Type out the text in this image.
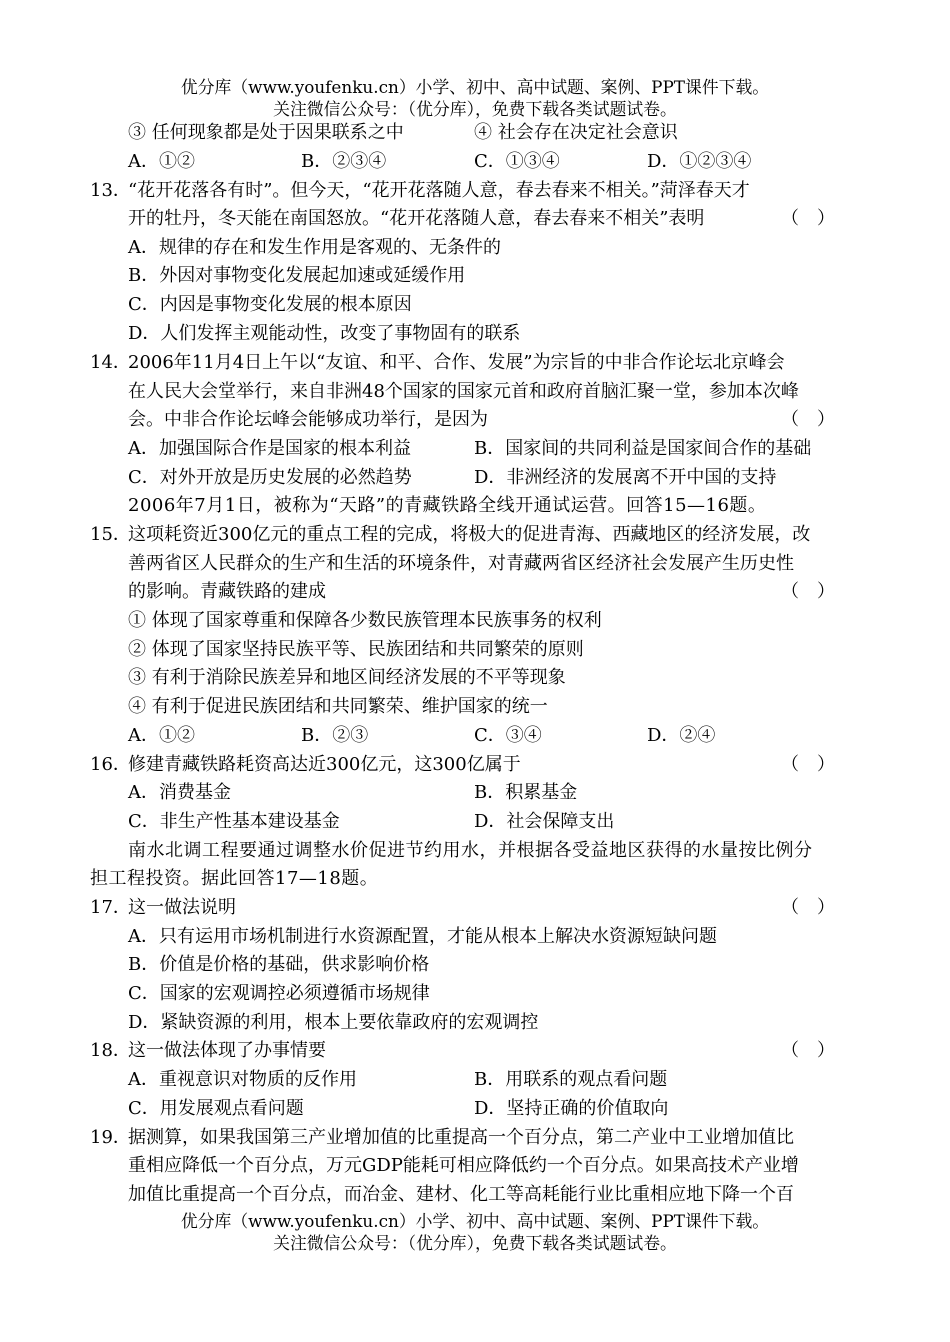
优分库（www.youfenku.cn）小学、初中、高中试题、案例、PPT课件下载。
关注微信公众号：（优分库），免费下载各类试题试卷。
③ 任何现象都是处于因果联系之中	④ 社会存在决定社会意识
A．①②	B．②③④	C．①③④	D．①②③④
13．
“花开花落各有时”。但今天，“花开花落随人意，春去春来不相关。”菏泽春天才
开的牡丹，冬天能在南国怒放。“花开花落随人意，春去春来不相关”表明	（　）
A．规律的存在和发生作用是客观的、无条件的
B．外因对事物变化发展起加速或延缓作用
C．内因是事物变化发展的根本原因
D．人们发挥主观能动性，改变了事物固有的联系
14．
2006年11月4日上午以“友谊、和平、合作、发展”为宗旨的中非合作论坛北京峰会
在人民大会堂举行，来自非洲48个国家的国家元首和政府首脑汇聚一堂，参加本次峰
会。中非合作论坛峰会能够成功举行，是因为	（　）
A．加强国际合作是国家的根本利益	B．国家间的共同利益是国家间合作的基础
C．对外开放是历史发展的必然趋势	D．非洲经济的发展离不开中国的支持
2006年7月1日，被称为“天路”的青藏铁路全线开通试运营。回答15—16题。
15．
这项耗资近300亿元的重点工程的完成，将极大的促进青海、西藏地区的经济发展，改
善两省区人民群众的生产和生活的环境条件，对青藏两省区经济社会发展产生历史性
的影响。青藏铁路的建成	（　）
① 体现了国家尊重和保障各少数民族管理本民族事务的权利
② 体现了国家坚持民族平等、民族团结和共同繁荣的原则
③ 有利于消除民族差异和地区间经济发展的不平等现象
④ 有利于促进民族团结和共同繁荣、维护国家的统一
A．①②	B．②③	C．③④	D．②④
16．
修建青藏铁路耗资高达近300亿元，这300亿属于	（　）
A．消费基金	B．积累基金
C．非生产性基本建设基金	D．社会保障支出
南水北调工程要通过调整水价促进节约用水，并根据各受益地区获得的水量按比例分
担工程投资。据此回答17—18题。
17．
这一做法说明	（　）
A．只有运用市场机制进行水资源配置，才能从根本上解决水资源短缺问题
B．价值是价格的基础，供求影响价格
C．国家的宏观调控必须遵循市场规律
D．紧缺资源的利用，根本上要依靠政府的宏观调控
18．
这一做法体现了办事情要	（　）
A．重视意识对物质的反作用	B．用联系的观点看问题
C．用发展观点看问题	D．坚持正确的价值取向
19．
据测算，如果我国第三产业增加值的比重提高一个百分点，第二产业中工业增加值比
重相应降低一个百分点，万元GDP能耗可相应降低约一个百分点。如果高技术产业增
加值比重提高一个百分点，而冶金、建材、化工等高耗能行业比重相应地下降一个百
优分库（www.youfenku.cn）小学、初中、高中试题、案例、PPT课件下载。
关注微信公众号：（优分库），免费下载各类试题试卷。
